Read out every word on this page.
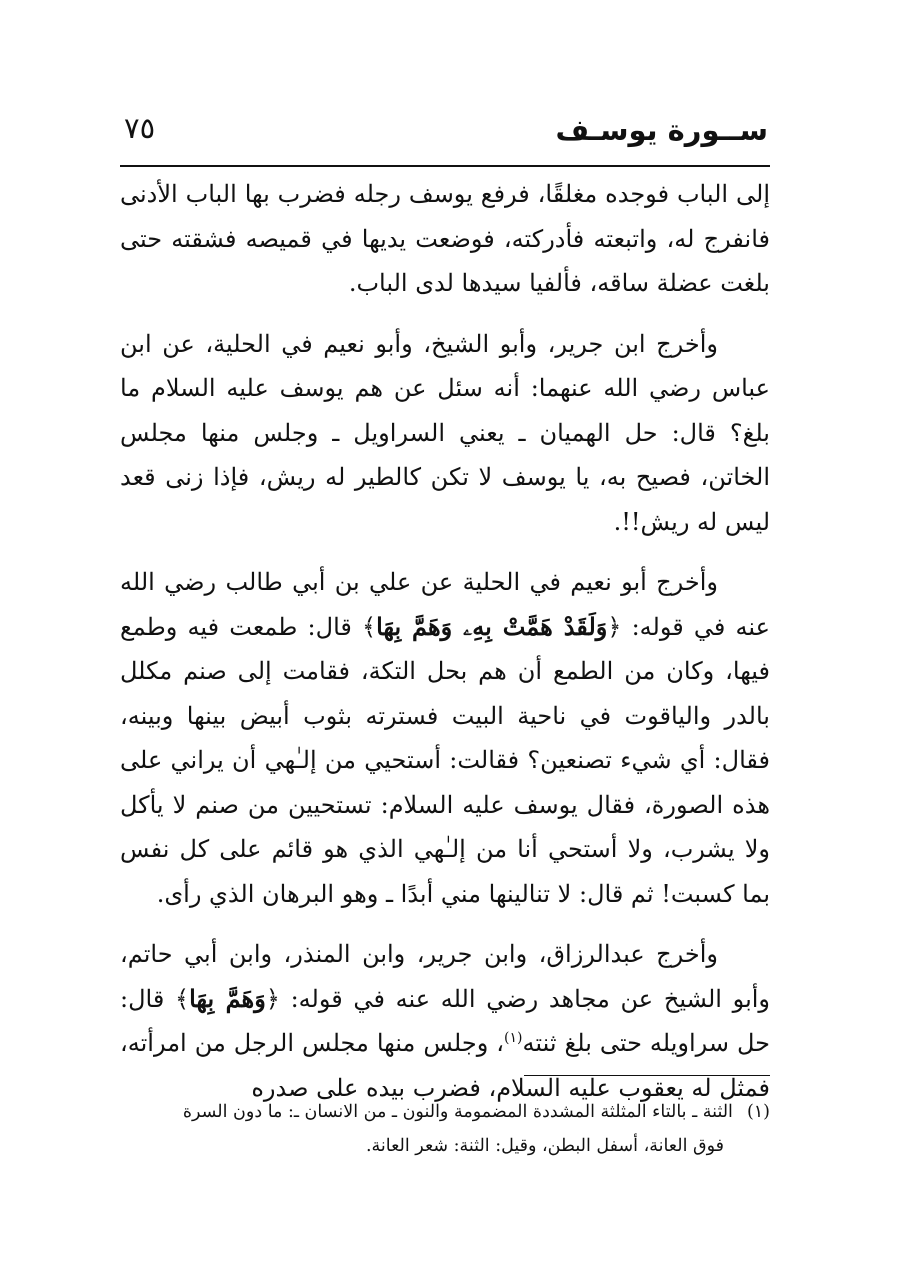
ســورة يوسـف
٧٥

إلى الباب فوجده مغلقًا، فرفع يوسف رجله فضرب بها الباب الأدنى فانفرج له، واتبعته فأدركته، فوضعت يديها في قميصه فشقته حتى بلغت عضلة ساقه، فألفيا سيدها لدى الباب.

وأخرج ابن جرير، وأبو الشيخ، وأبو نعيم في الحلية، عن ابن عباس رضي الله عنهما: أنه سئل عن هم يوسف عليه السلام ما بلغ؟ قال: حل الهميان ـ يعني السراويل ـ وجلس منها مجلس الخاتن، فصيح به، يا يوسف لا تكن كالطير له ريش، فإذا زنى قعد ليس له ريش!!.

وأخرج أبو نعيم في الحلية عن علي بن أبي طالب رضي الله عنه في قوله: ﴿وَلَقَدْ هَمَّتْ بِهِۦ وَهَمَّ بِهَا﴾ قال: طمعت فيه وطمع فيها، وكان من الطمع أن هم بحل التكة، فقامت إلى صنم مكلل بالدر والياقوت في ناحية البيت فسترته بثوب أبيض بينها وبينه، فقال: أي شيء تصنعين؟ فقالت: أستحيي من إلـٰهي أن يراني على هذه الصورة، فقال يوسف عليه السلام: تستحيين من صنم لا يأكل ولا يشرب، ولا أستحي أنا من إلـٰهي الذي هو قائم على كل نفس بما كسبت! ثم قال: لا تنالينها مني أبدًا ـ وهو البرهان الذي رأى.

وأخرج عبدالرزاق، وابن جرير، وابن المنذر، وابن أبي حاتم، وأبو الشيخ عن مجاهد رضي الله عنه في قوله: ﴿وَهَمَّ بِهَا﴾ قال: حل سراويله حتى بلغ ثنته$^{(١)}$، وجلس منها مجلس الرجل من امرأته، فمثل له يعقوب عليه السلام، فضرب بيده على صدره

(١)الثنة ـ بالتاء المثلثة المشددة المضمومة والنون ـ من الانسان ـ: ما دون السرة
فوق العانة، أسفل البطن، وقيل: الثنة: شعر العانة.
